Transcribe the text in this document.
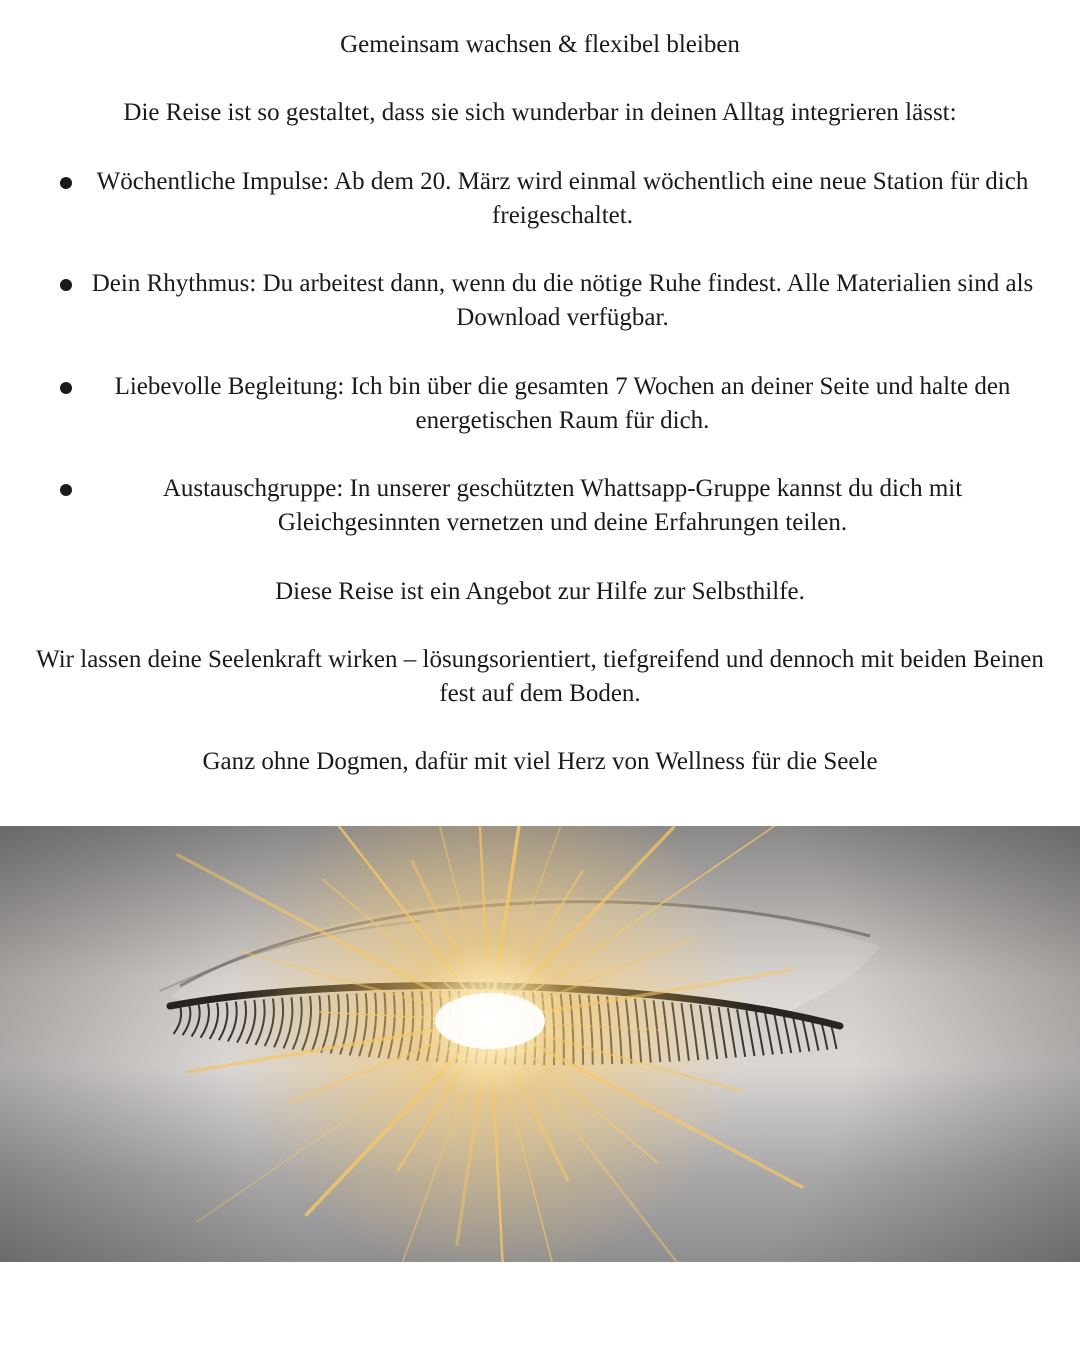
Gemeinsam wachsen & flexibel bleiben
Die Reise ist so gestaltet, dass sie sich wunderbar in deinen Alltag integrieren lässt:
Wöchentliche Impulse: Ab dem 20. März wird einmal wöchentlich eine neue Station für dich freigeschaltet.
Dein Rhythmus: Du arbeitest dann, wenn du die nötige Ruhe findest. Alle Materialien sind als Download verfügbar.
Liebevolle Begleitung: Ich bin über die gesamten 7 Wochen an deiner Seite und halte den energetischen Raum für dich.
Austauschgruppe: In unserer geschützten Whattsapp-Gruppe kannst du dich mit Gleichgesinnten vernetzen und deine Erfahrungen teilen.
Diese Reise ist ein Angebot zur Hilfe zur Selbsthilfe.
Wir lassen deine Seelenkraft wirken – lösungsorientiert, tiefgreifend und dennoch mit beiden Beinen fest auf dem Boden.
Ganz ohne Dogmen, dafür mit viel Herz von Wellness für die Seele
